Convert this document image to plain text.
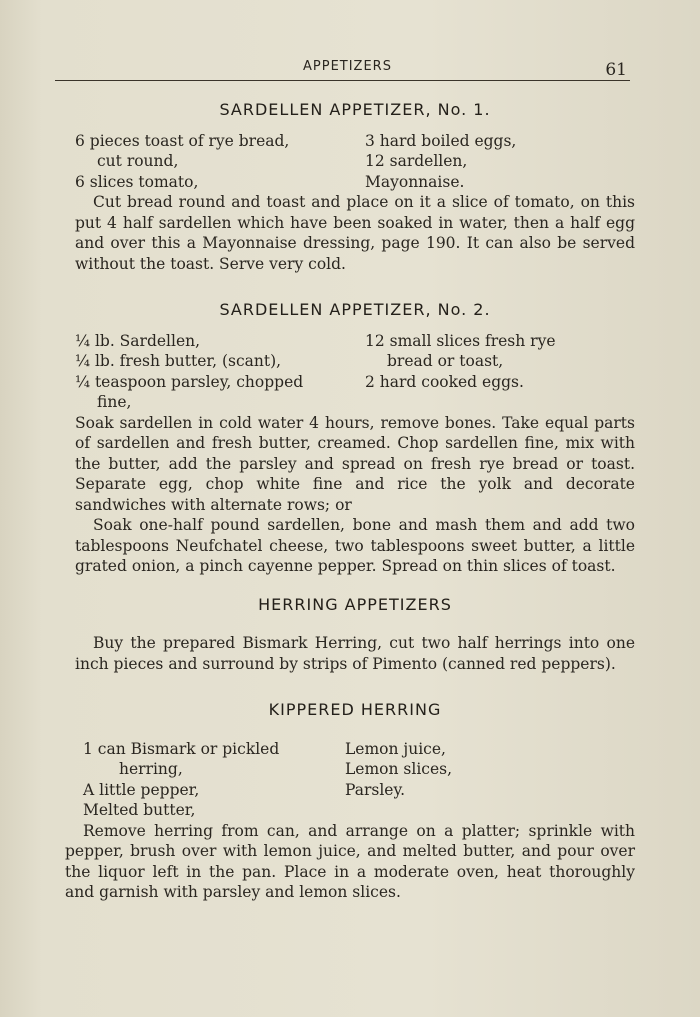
APPETIZERS	61
SARDELLEN APPETIZER, No. 1.
6 pieces toast of rye bread,
cut round,
6 slices tomato,
3 hard boiled eggs,
12 sardellen,
Mayonnaise.

Cut bread round and toast and place on it a slice of tomato, on this put 4 half sardellen which have been soaked in water, then a half egg and over this a Mayonnaise dressing, page 190. It can also be served without the toast. Serve very cold.

SARDELLEN APPETIZER, No. 2.
¼ lb. Sardellen,
¼ lb. fresh butter, (scant),
¼ teaspoon parsley, chopped
fine,
12 small slices fresh rye
bread or toast,
2 hard cooked eggs.

Soak sardellen in cold water 4 hours, remove bones. Take equal parts of sardellen and fresh butter, creamed. Chop sardellen fine, mix with the butter, add the parsley and spread on fresh rye bread or toast. Separate egg, chop white fine and rice the yolk and decorate sandwiches with alternate rows; or

Soak one-half pound sardellen, bone and mash them and add two tablespoons Neufchatel cheese, two tablespoons sweet butter, a little grated onion, a pinch cayenne pepper. Spread on thin slices of toast.

HERRING APPETIZERS

Buy the prepared Bismark Herring, cut two half herrings into one inch pieces and surround by strips of Pimento (canned red peppers).

KIPPERED HERRING
1 can Bismark or pickled
herring,
A little pepper,
Melted butter,
Lemon juice,
Lemon slices,
Parsley.

Remove herring from can, and arrange on a platter; sprinkle with pepper, brush over with lemon juice, and melted butter, and pour over the liquor left in the pan. Place in a moderate oven, heat thoroughly and garnish with parsley and lemon slices.
